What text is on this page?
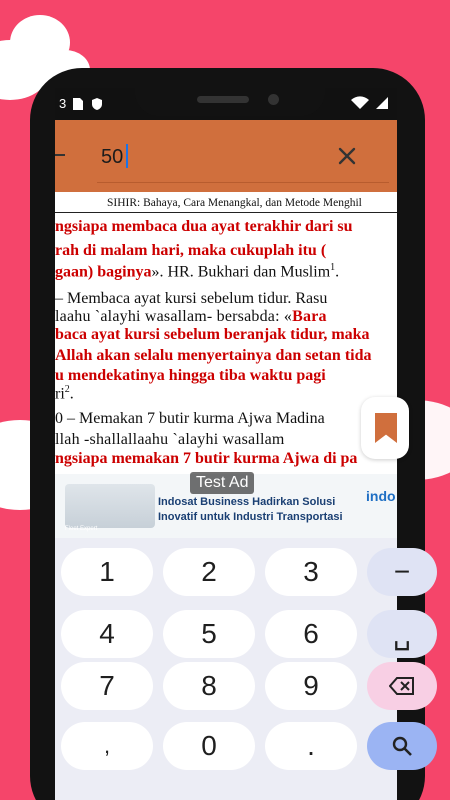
3
50
SIHIR: Bahaya, Cara Menangkal, dan Metode Menghil
ngsiapa membaca dua ayat terakhir dari su
rah di malam hari, maka cukuplah itu (
gaan) baginya». HR. Bukhari dan Muslim$^1$.
– Membaca ayat kursi sebelum tidur. Rasu
laahu `alayhi wasallam- bersabda: «Bara
baca ayat kursi sebelum beranjak tidur, maka
Allah akan selalu menyertainya dan setan tida
u mendekatinya hingga tiba waktu pagi
$ri^2$.
0 – Memakan 7 butir kurma Ajwa Madina
llah -shallallaahu `alayhi wasallam
ngsiapa memakan 7 butir kurma Ajwa di pa
Fleet Expert
Indosat Business Hadirkan Solusi
Inovatif untuk Industri Transportasi
indo
Test Ad
1	2	3	−
4	5	6	␣
7	8	9
,	0	.
